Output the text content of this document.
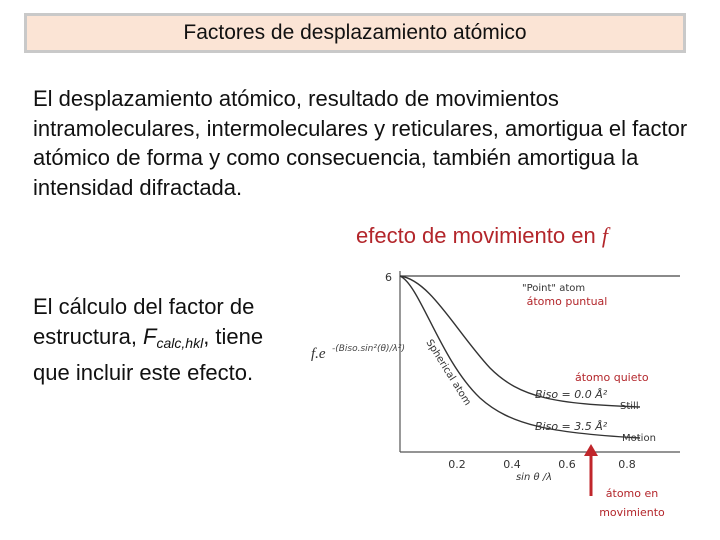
Factores de desplazamiento atómico
El desplazamiento atómico, resultado de movimientos intramoleculares, intermoleculares y reticulares, amortigua el factor atómico de forma y como consecuencia, también amortigua la intensidad difractada.
efecto de movimiento en f
El cálculo del factor de estructura, $F_{calc,hkl}$, tiene que incluir este efecto.
f.e -(Biso.sin²(θ)/λ²)
6
0.2	0.4	0.6	0.8
sin θ /λ
"Point" atom
Spherical atom	Biso = 0.0 Å²
Biso = 3.5 Å²
Still
Motion
átomo puntual
átomo quieto
átomo en
movimiento
